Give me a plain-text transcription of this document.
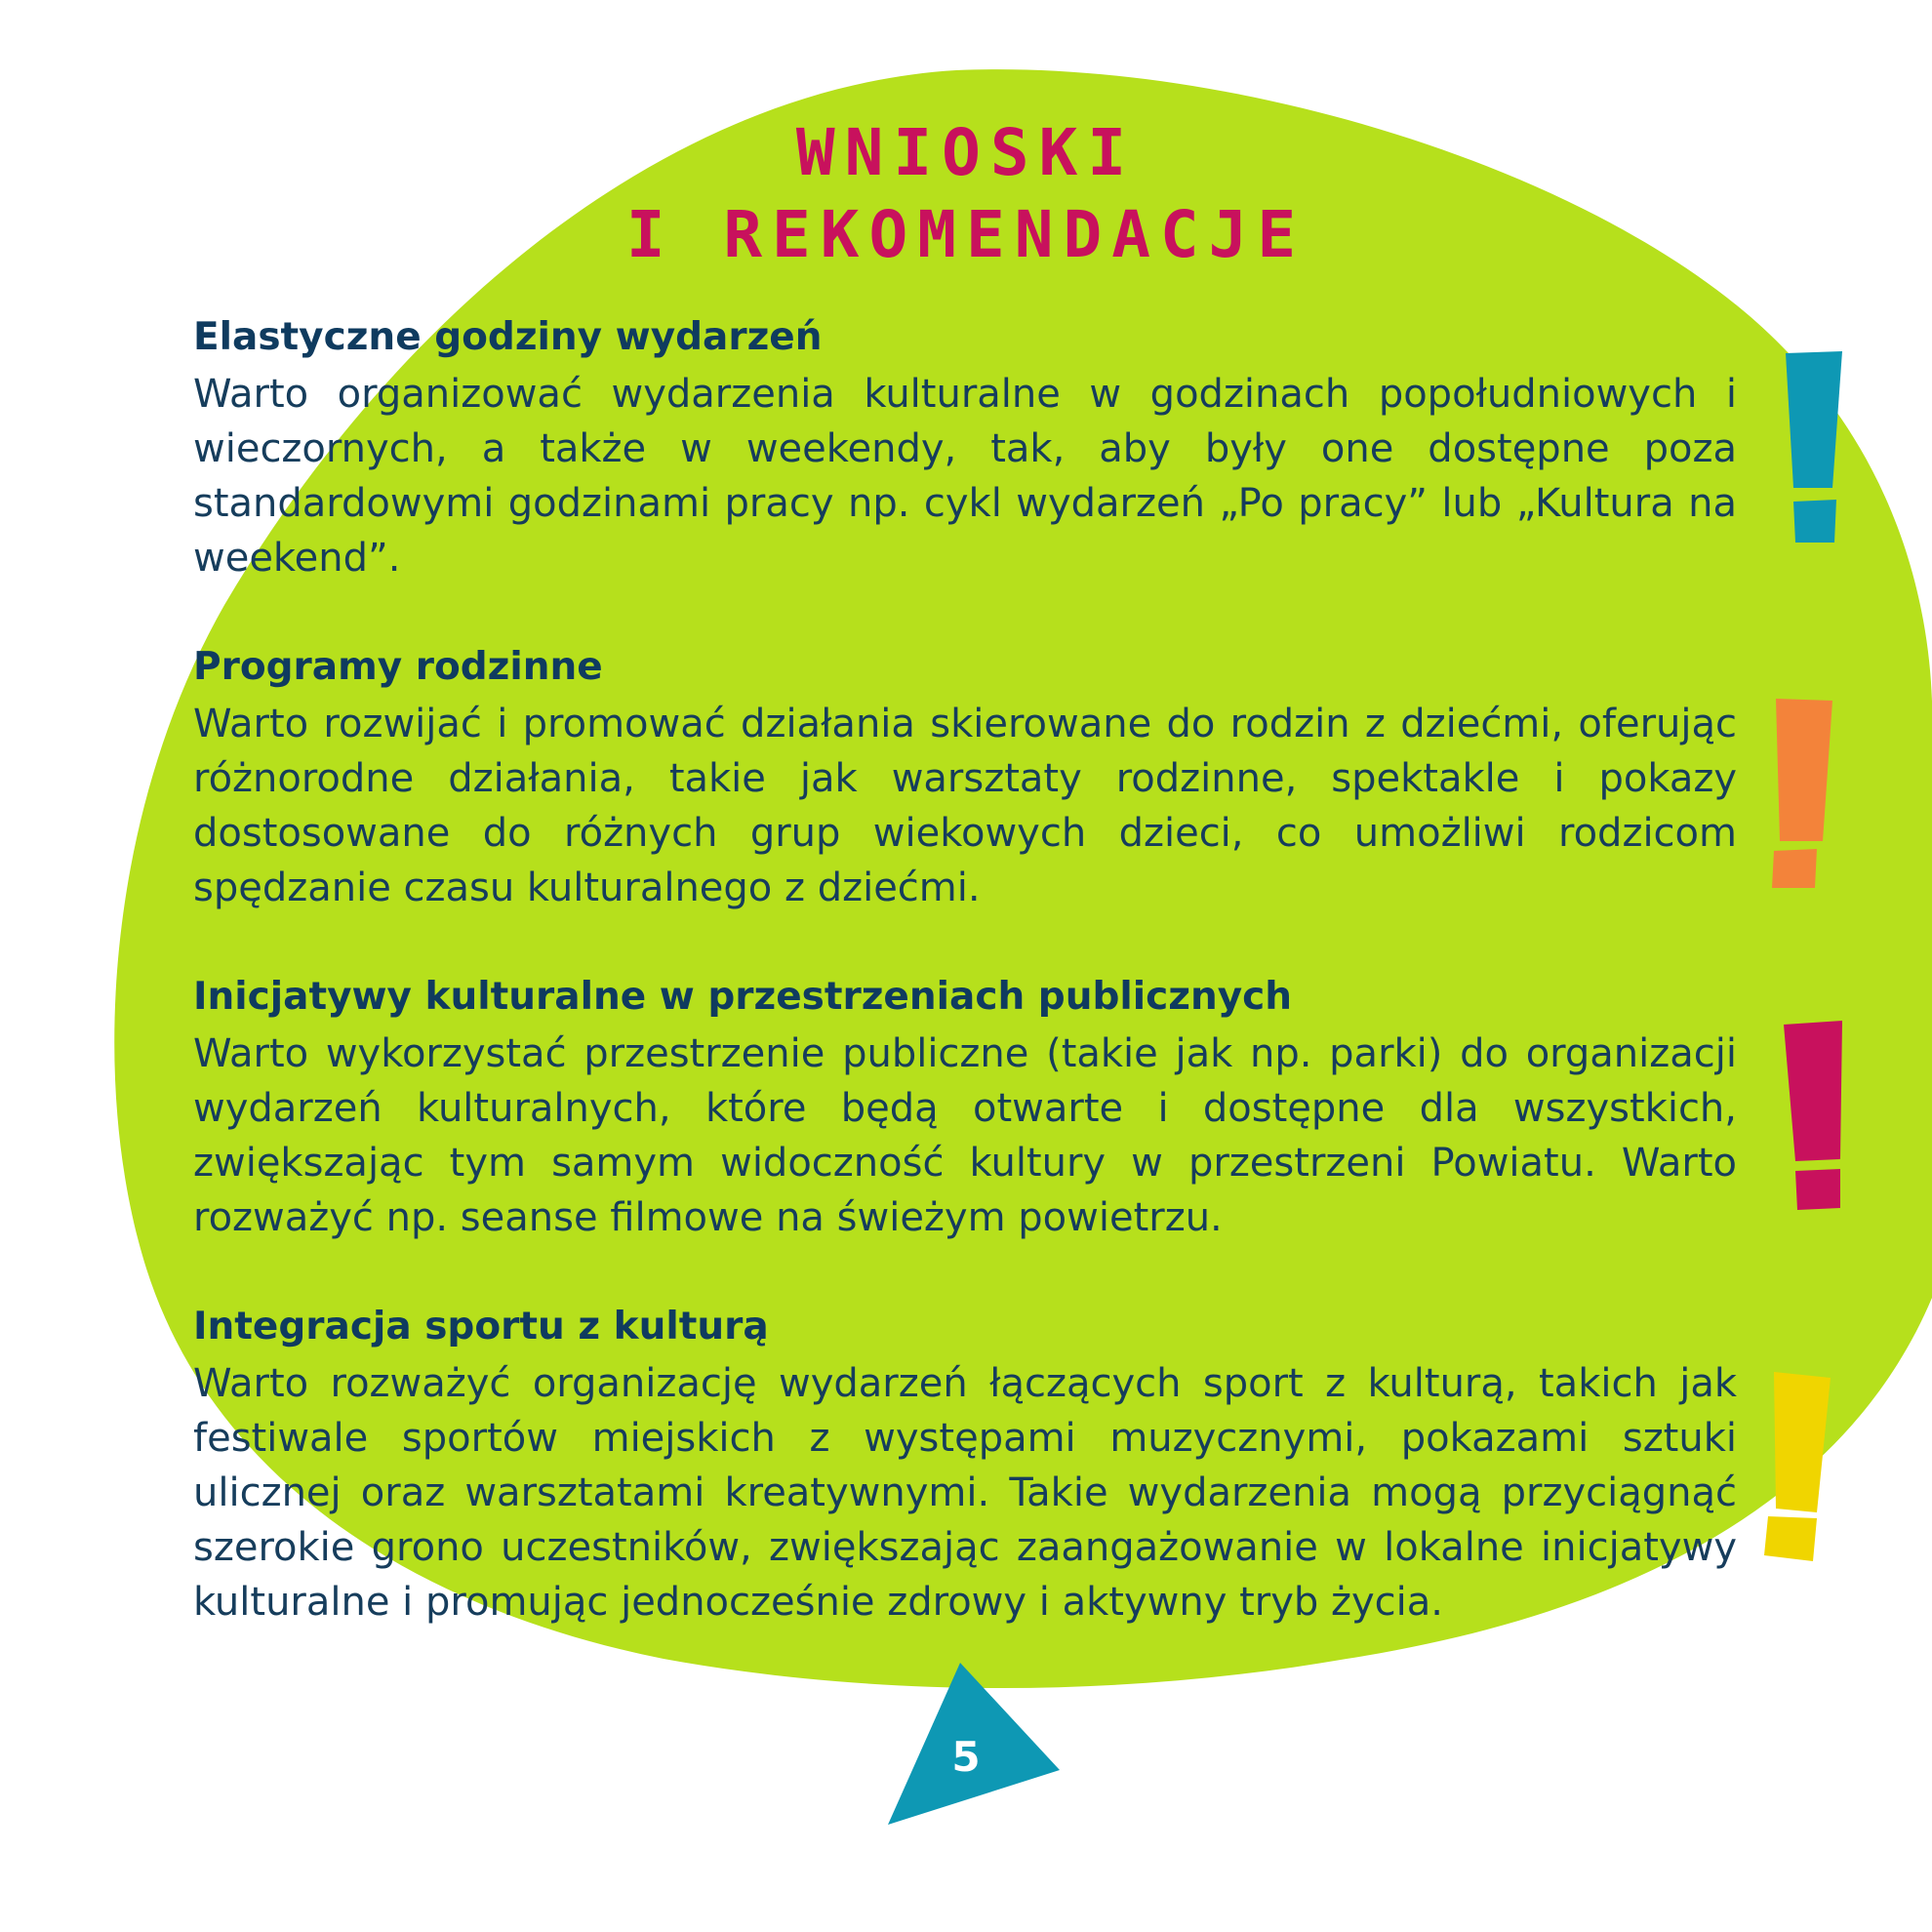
WNIOSKI
I REKOMENDACJE
Elastyczne godziny wydarzeń

Warto organizować wydarzenia kulturalne w godzinach popołudniowych i wieczornych, a także w weekendy, tak, aby były one dostępne poza standardowymi godzinami pracy np. cykl wydarzeń „Po pracy” lub „Kultura na weekend”.

Programy rodzinne

Warto rozwijać i promować działania skierowane do rodzin z dziećmi, oferując różnorodne działania, takie jak warsztaty rodzinne, spektakle i pokazy dostosowane do różnych grup wiekowych dzieci, co umożliwi rodzicom spędzanie czasu kulturalnego z dziećmi.

Inicjatywy kulturalne w przestrzeniach publicznych

Warto wykorzystać przestrzenie publiczne (takie jak np. parki) do organizacji wydarzeń kulturalnych, które będą otwarte i dostępne dla wszystkich, zwiększając tym samym widoczność kultury w przestrzeni Powiatu. Warto rozważyć np. seanse filmowe na świeżym powietrzu.

Integracja sportu z kulturą

Warto rozważyć organizację wydarzeń łączących sport z kulturą, takich jak festiwale sportów miejskich z występami muzycznymi, pokazami sztuki ulicznej oraz warsztatami kreatywnymi. Takie wydarzenia mogą przyciągnąć szerokie grono uczestników, zwiększając zaangażowanie w lokalne inicjatywy kulturalne i promując jednocześnie zdrowy i aktywny tryb życia.

5
